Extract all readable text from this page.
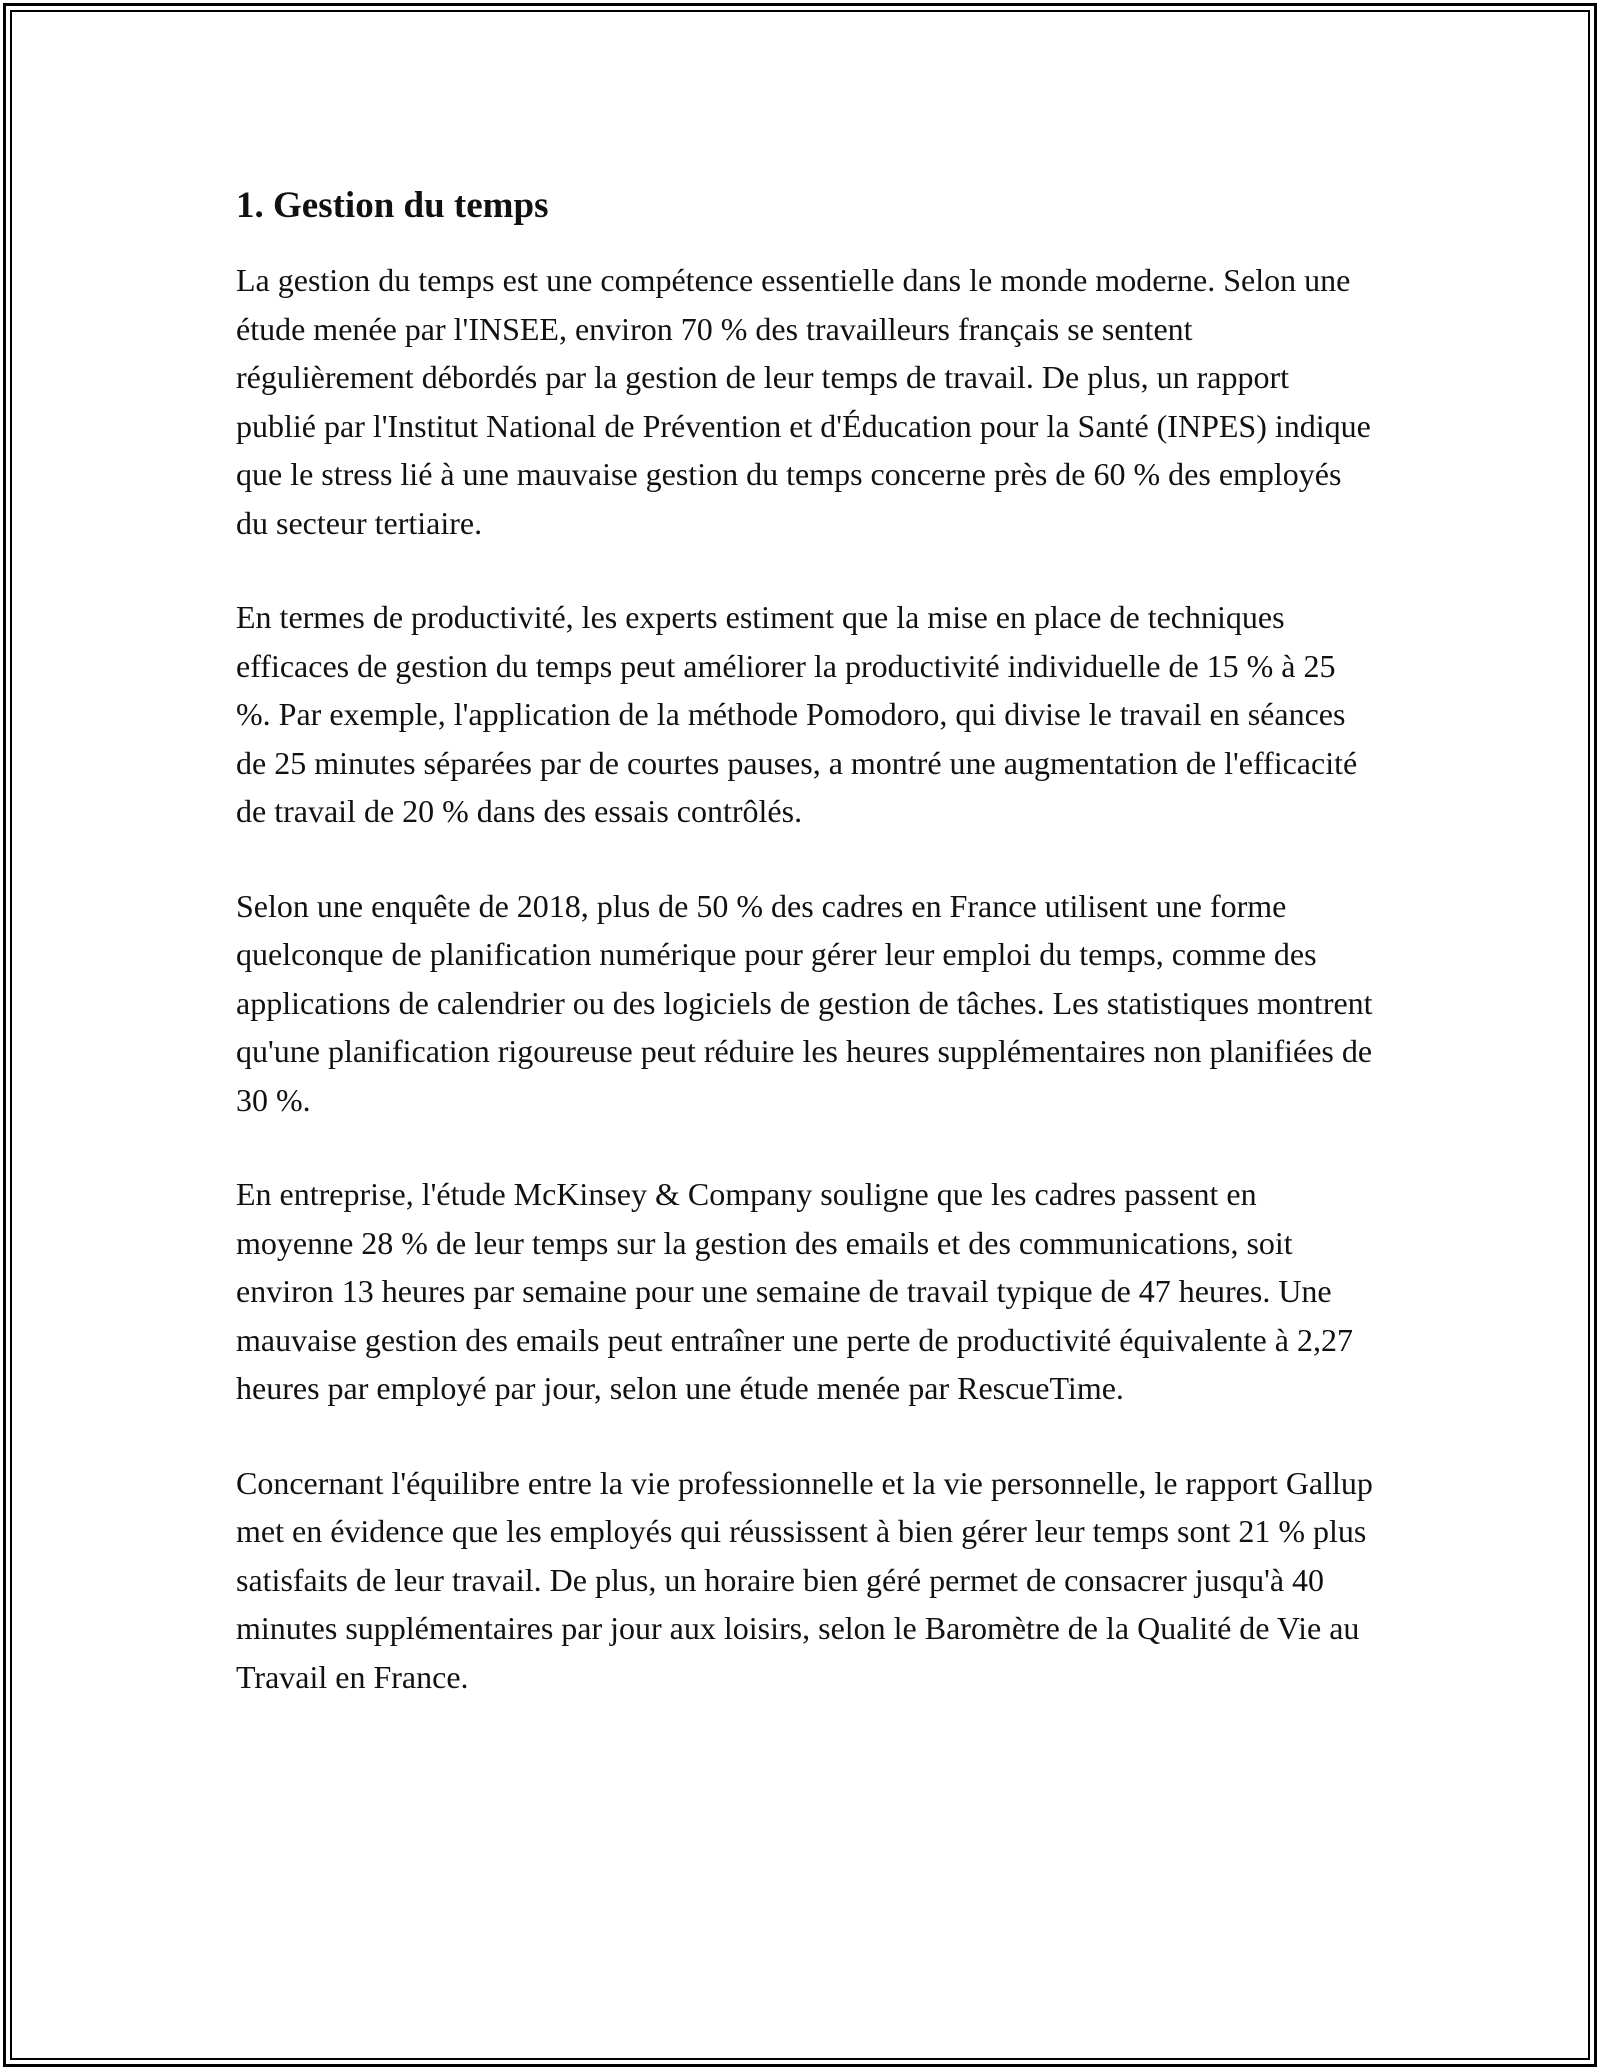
1. Gestion du temps

La gestion du temps est une compétence essentielle dans le monde moderne. Selon une étude menée par l'INSEE, environ 70 % des travailleurs français se sentent régulièrement débordés par la gestion de leur temps de travail. De plus, un rapport publié par l'Institut National de Prévention et d'Éducation pour la Santé (INPES) indique que le stress lié à une mauvaise gestion du temps concerne près de 60 % des employés du secteur tertiaire.

En termes de productivité, les experts estiment que la mise en place de techniques efficaces de gestion du temps peut améliorer la productivité individuelle de 15 % à 25 %. Par exemple, l'application de la méthode Pomodoro, qui divise le travail en séances de 25 minutes séparées par de courtes pauses, a montré une augmentation de l'efficacité de travail de 20 % dans des essais contrôlés.

Selon une enquête de 2018, plus de 50 % des cadres en France utilisent une forme quelconque de planification numérique pour gérer leur emploi du temps, comme des applications de calendrier ou des logiciels de gestion de tâches. Les statistiques montrent qu'une planification rigoureuse peut réduire les heures supplémentaires non planifiées de 30 %.

En entreprise, l'étude McKinsey & Company souligne que les cadres passent en moyenne 28 % de leur temps sur la gestion des emails et des communications, soit environ 13 heures par semaine pour une semaine de travail typique de 47 heures. Une mauvaise gestion des emails peut entraîner une perte de productivité équivalente à 2,27 heures par employé par jour, selon une étude menée par RescueTime.

Concernant l'équilibre entre la vie professionnelle et la vie personnelle, le rapport Gallup met en évidence que les employés qui réussissent à bien gérer leur temps sont 21 % plus satisfaits de leur travail. De plus, un horaire bien géré permet de consacrer jusqu'à 40 minutes supplémentaires par jour aux loisirs, selon le Baromètre de la Qualité de Vie au Travail en France.
